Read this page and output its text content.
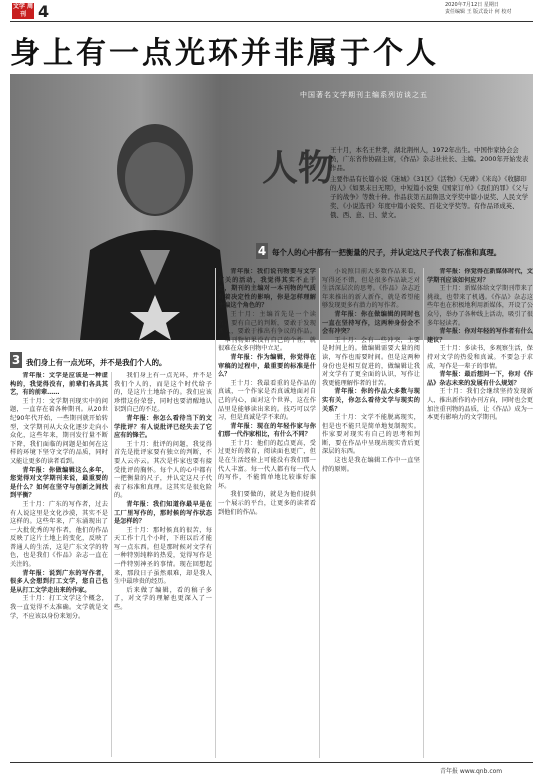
文学 周刊 4	2020年7月12日 星期日
责任编辑 王 版式设计 何 校对
身上有一点光环并非属于个人
中国著名文学期刊主编系列访谈之五
人物

王十月，本名王世孝，湖北荆州人，1972年出生。中国作家协会会员，广东省作协副主席，《作品》杂志社社长、主编。2000年开始发表作品。

主要作品有长篇小说《迷城》《31区》《活物》《无碑》《米岛》《收脚印的人》《如果末日无期》，中短篇小说集《国家订单》《我们的罪》《父与子的战争》等数十种。作品获第五届鲁迅文学奖中篇小说奖、人民文学奖、《小说选刊》年度中篇小说奖、百花文学奖等。有作品译成英、俄、西、意、日、蒙文。

4 每个人的心中都有一把衡量的尺子，并认定这尺子代表了标准和真理。
3 我们身上有一点光环，并不是我们个人的。

青年报：文学是应该是一种虚构的，我觉得没有，前辈们各具其艺，有的前辈……

王十月：文学期刊现实中的问题，一直存在着各种期刊。从20世纪90年代开始，一些期刊就开始转型，文学期刊从大众化逐步走向小众化，这些年来，期刊发行量不断下降，我们面临的问题是如何在这样的环境下坚守文学的品质，同时又能让更多的读者看到。

青年报：你做编辑这么多年，您觉得对文学期刊来说，最重要的是什么？如何在坚守与创新之间找到平衡？

王十月：广东的写作者，过去有人说这里是文化沙漠，其实不是这样的。这些年来，广东涌现出了一大批优秀的写作者，他们的作品反映了这片土地上的变化，反映了普通人的生活，这是广东文学的特色，也是我们《作品》杂志一直在关注的。

青年报：说到广东的写作者，很多人会想到打工文学，您自己也是从打工文学走出来的作家。

王十月：打工文学这个概念，我一直觉得不太准确。文学就是文学，不应该以身份来划分。

我们身上有一点光环，并不是我们个人的，而是这个时代给予的，是这片土地给予的。我们应该珍惜这份荣誉，同时也要清醒地认识到自己的不足。

青年报：你怎么看待当下的文学批评？有人说批评已经失去了它应有的锋芒。

王十月：批评的问题，我觉得首先是批评家要有独立的判断，不要人云亦云。其次是作家也要有接受批评的胸怀。每个人的心中都有一把衡量的尺子，并认定这尺子代表了标准和真理。这其实是很危险的。

青年报：我们知道你最早是在工厂里写作的，那时候的写作状态是怎样的？

王十月：那时候真的很苦，每天工作十几个小时，下班以后才能写一点东西。但是那时候对文学有一种特别纯粹的热爱，觉得写作是一件特别神圣的事情。现在回想起来，那段日子虽然艰难，却是我人生中最珍贵的经历。

后来做了编辑，看的稿子多了，对文学的理解也更深入了一些。

青年报：我们说刊物要与文学有关的活动，我觉得其实不止于此，期刊的主编对一本刊物的气质有着决定性的影响，你是怎样理解主编这个角色的？

王十月：主编首先是一个读者，要有自己的判断，要敢于发现新人，要敢于推出有争议的作品。一本刊物如果没有自己的个性，就很难在众多刊物中立足。

青年报：作为编辑，你觉得在审稿的过程中，最重要的标准是什么？

王十月：我最看重的是作品的真诚，一个作家是否真诚地面对自己的内心，面对这个世界，这在作品里是能够读出来的。技巧可以学习，但是真诚是学不来的。

青年报：现在的年轻作家与你们那一代作家相比，有什么不同？

王十月：他们的起点更高，受过更好的教育，阅读面也更广，但是在生活经验上可能没有我们那一代人丰富。每一代人都有每一代人的写作，不能简单地比较谁好谁坏。

我们要做的，就是为他们提供一个展示的平台，让更多的读者看到他们的作品。

小说照目前大多数作品来看，写得还不错，但是很多作品缺乏对生活深层次的思考。《作品》杂志近年来推出的新人新作，就是希望能够发现更多有潜力的写作者。

青年报：你在做编辑的同时也一直在坚持写作，这两种身份会不会有冲突？

王十月：会有一些冲突，主要是时间上的。做编辑需要大量的阅读，写作也需要时间。但是这两种身份也是相互促进的，做编辑让我对文学有了更全面的认识，写作让我更能理解作者的甘苦。

青年报：你的作品大多数与现实有关，你怎么看待文学与现实的关系？

王十月：文学不能脱离现实，但是也不能只是简单地复制现实。作家要对现实有自己的思考和判断，要在作品中呈现出现实背后更深层的东西。

这也是我在编辑工作中一直坚持的原则。

青年报：你觉得在新媒体时代，文学期刊应该如何应对？

王十月：新媒体给文学期刊带来了挑战，也带来了机遇。《作品》杂志这些年也在积极地利用新媒体，开设了公众号，举办了各种线上活动，吸引了很多年轻读者。

青年报：你对年轻的写作者有什么建议？

王十月：多读书，多观察生活，保持对文学的热爱和真诚。不要急于求成，写作是一辈子的事情。

青年报：最后想问一下，你对《作品》杂志未来的发展有什么规划？

王十月：我们会继续坚持发现新人、推出新作的办刊方向，同时也会更加注重刊物的品质，让《作品》成为一本更有影响力的文学期刊。

青年报 www.qnb.com
